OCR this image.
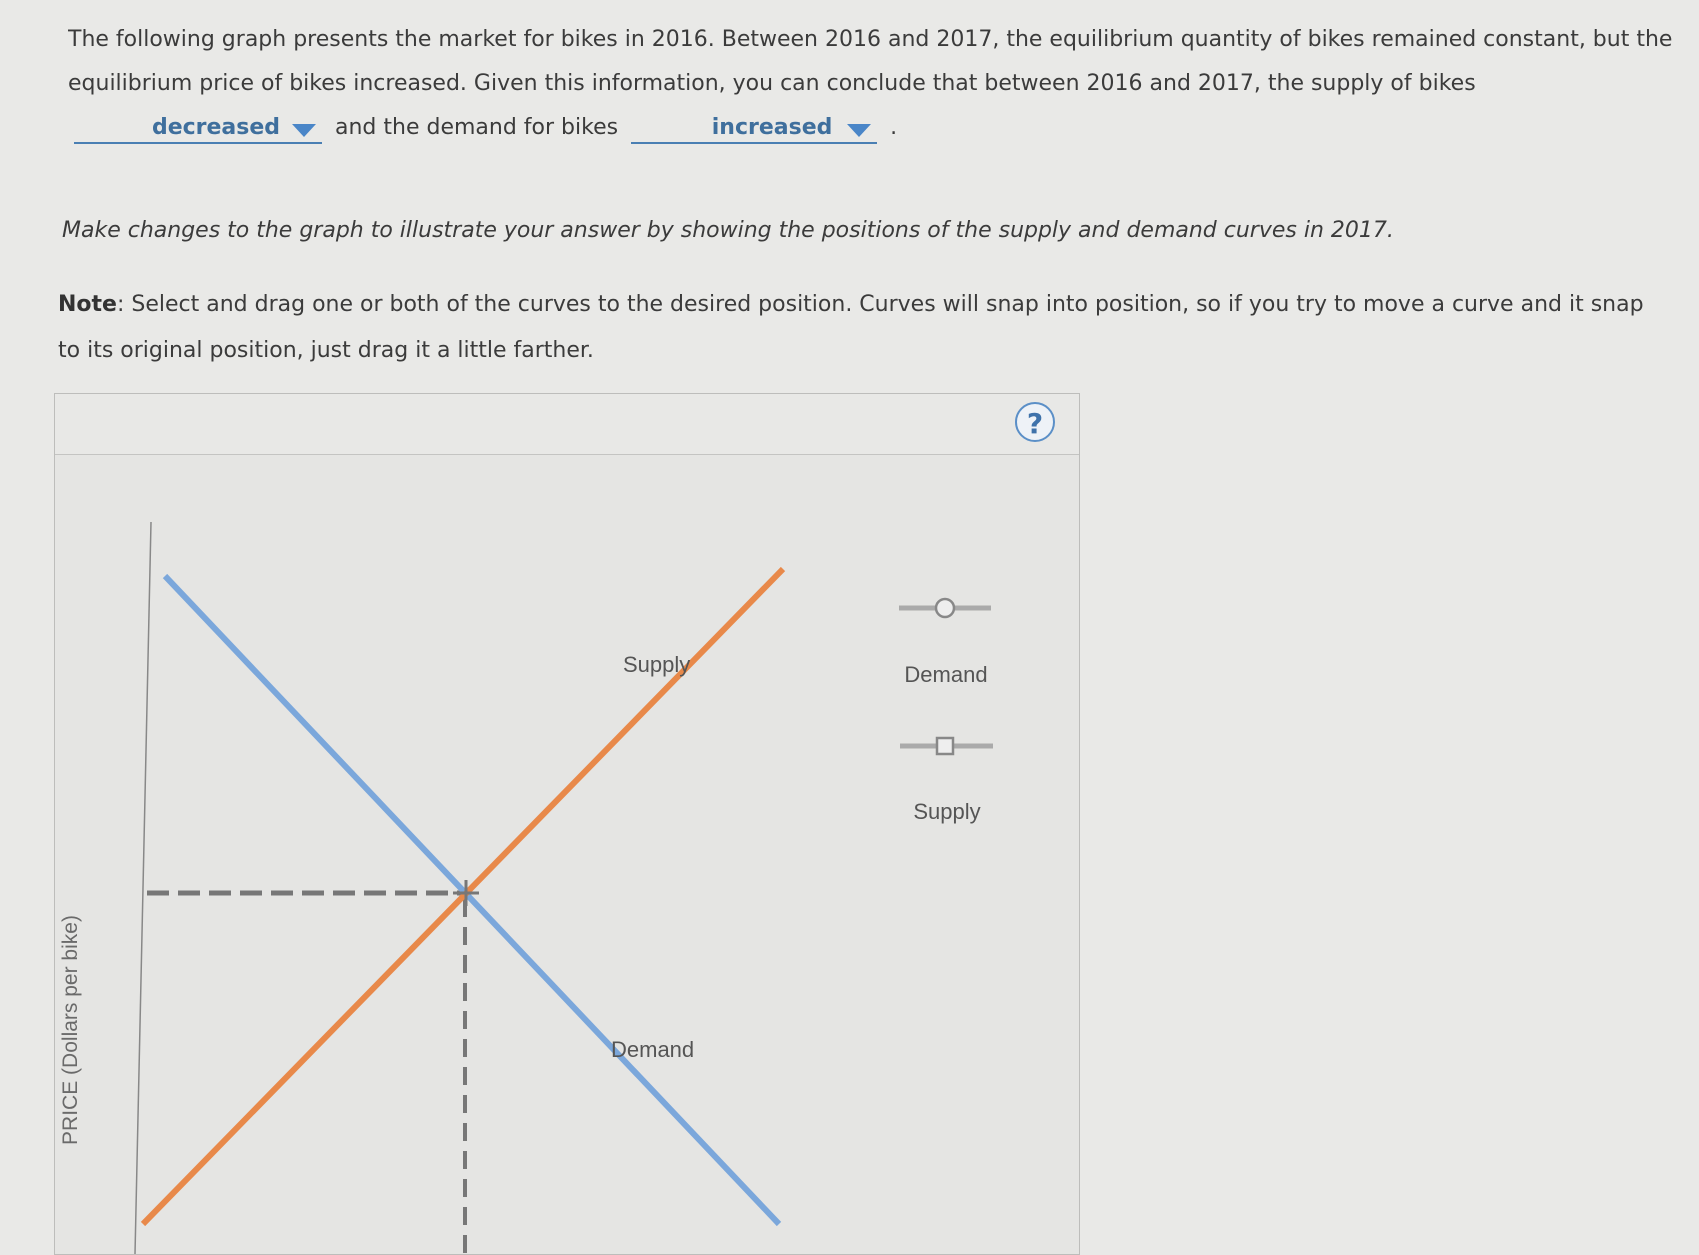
The following graph presents the market for bikes in 2016. Between 2016 and 2017, the equilibrium quantity of bikes remained constant, but the
equilibrium price of bikes increased. Given this information, you can conclude that between 2016 and 2017, the supply of bikes
decreased and the demand for bikes	increased	.
Make changes to the graph to illustrate your answer by showing the positions of the supply and demand curves in 2017.
Note: Select and drag one or both of the curves to the desired position. Curves will snap into position, so if you try to move a curve and it snap
to its original position, just drag it a little farther.
?
PRICE (Dollars per bike)
Supply
Demand
Demand
Supply
